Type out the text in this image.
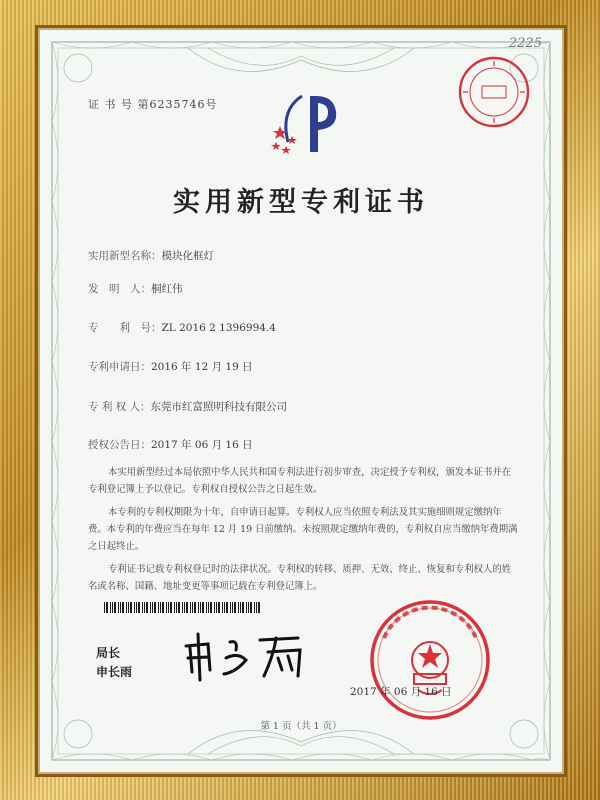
证 书 号 第6235746号
2225
实用新型专利证书
实用新型名称：模块化框灯
发　明　人：桐红伟
专　　利　号：ZL 2016 2 1396994.4
专利申请日：2016 年 12 月 19 日
专 利 权 人：东莞市红富照明科技有限公司
授权公告日：2017 年 06 月 16 日
本实用新型经过本局依照中华人民共和国专利法进行初步审查，决定授予专利权，颁发本证书并在专利登记簿上予以登记。专利权自授权公告之日起生效。
本专利的专利权期限为十年，自申请日起算。专利权人应当依照专利法及其实施细则规定缴纳年费。本专利的年费应当在每年 12 月 19 日前缴纳。未按照规定缴纳年费的，专利权自应当缴纳年费期满之日起终止。
专利证书记载专利权登记时的法律状况。专利权的转移、质押、无效、终止、恢复和专利权人的姓名或名称、国籍、地址变更等事项记载在专利登记簿上。
局长
申长雨
2017 年 06 月 16 日
第 1 页（共 1 页）
